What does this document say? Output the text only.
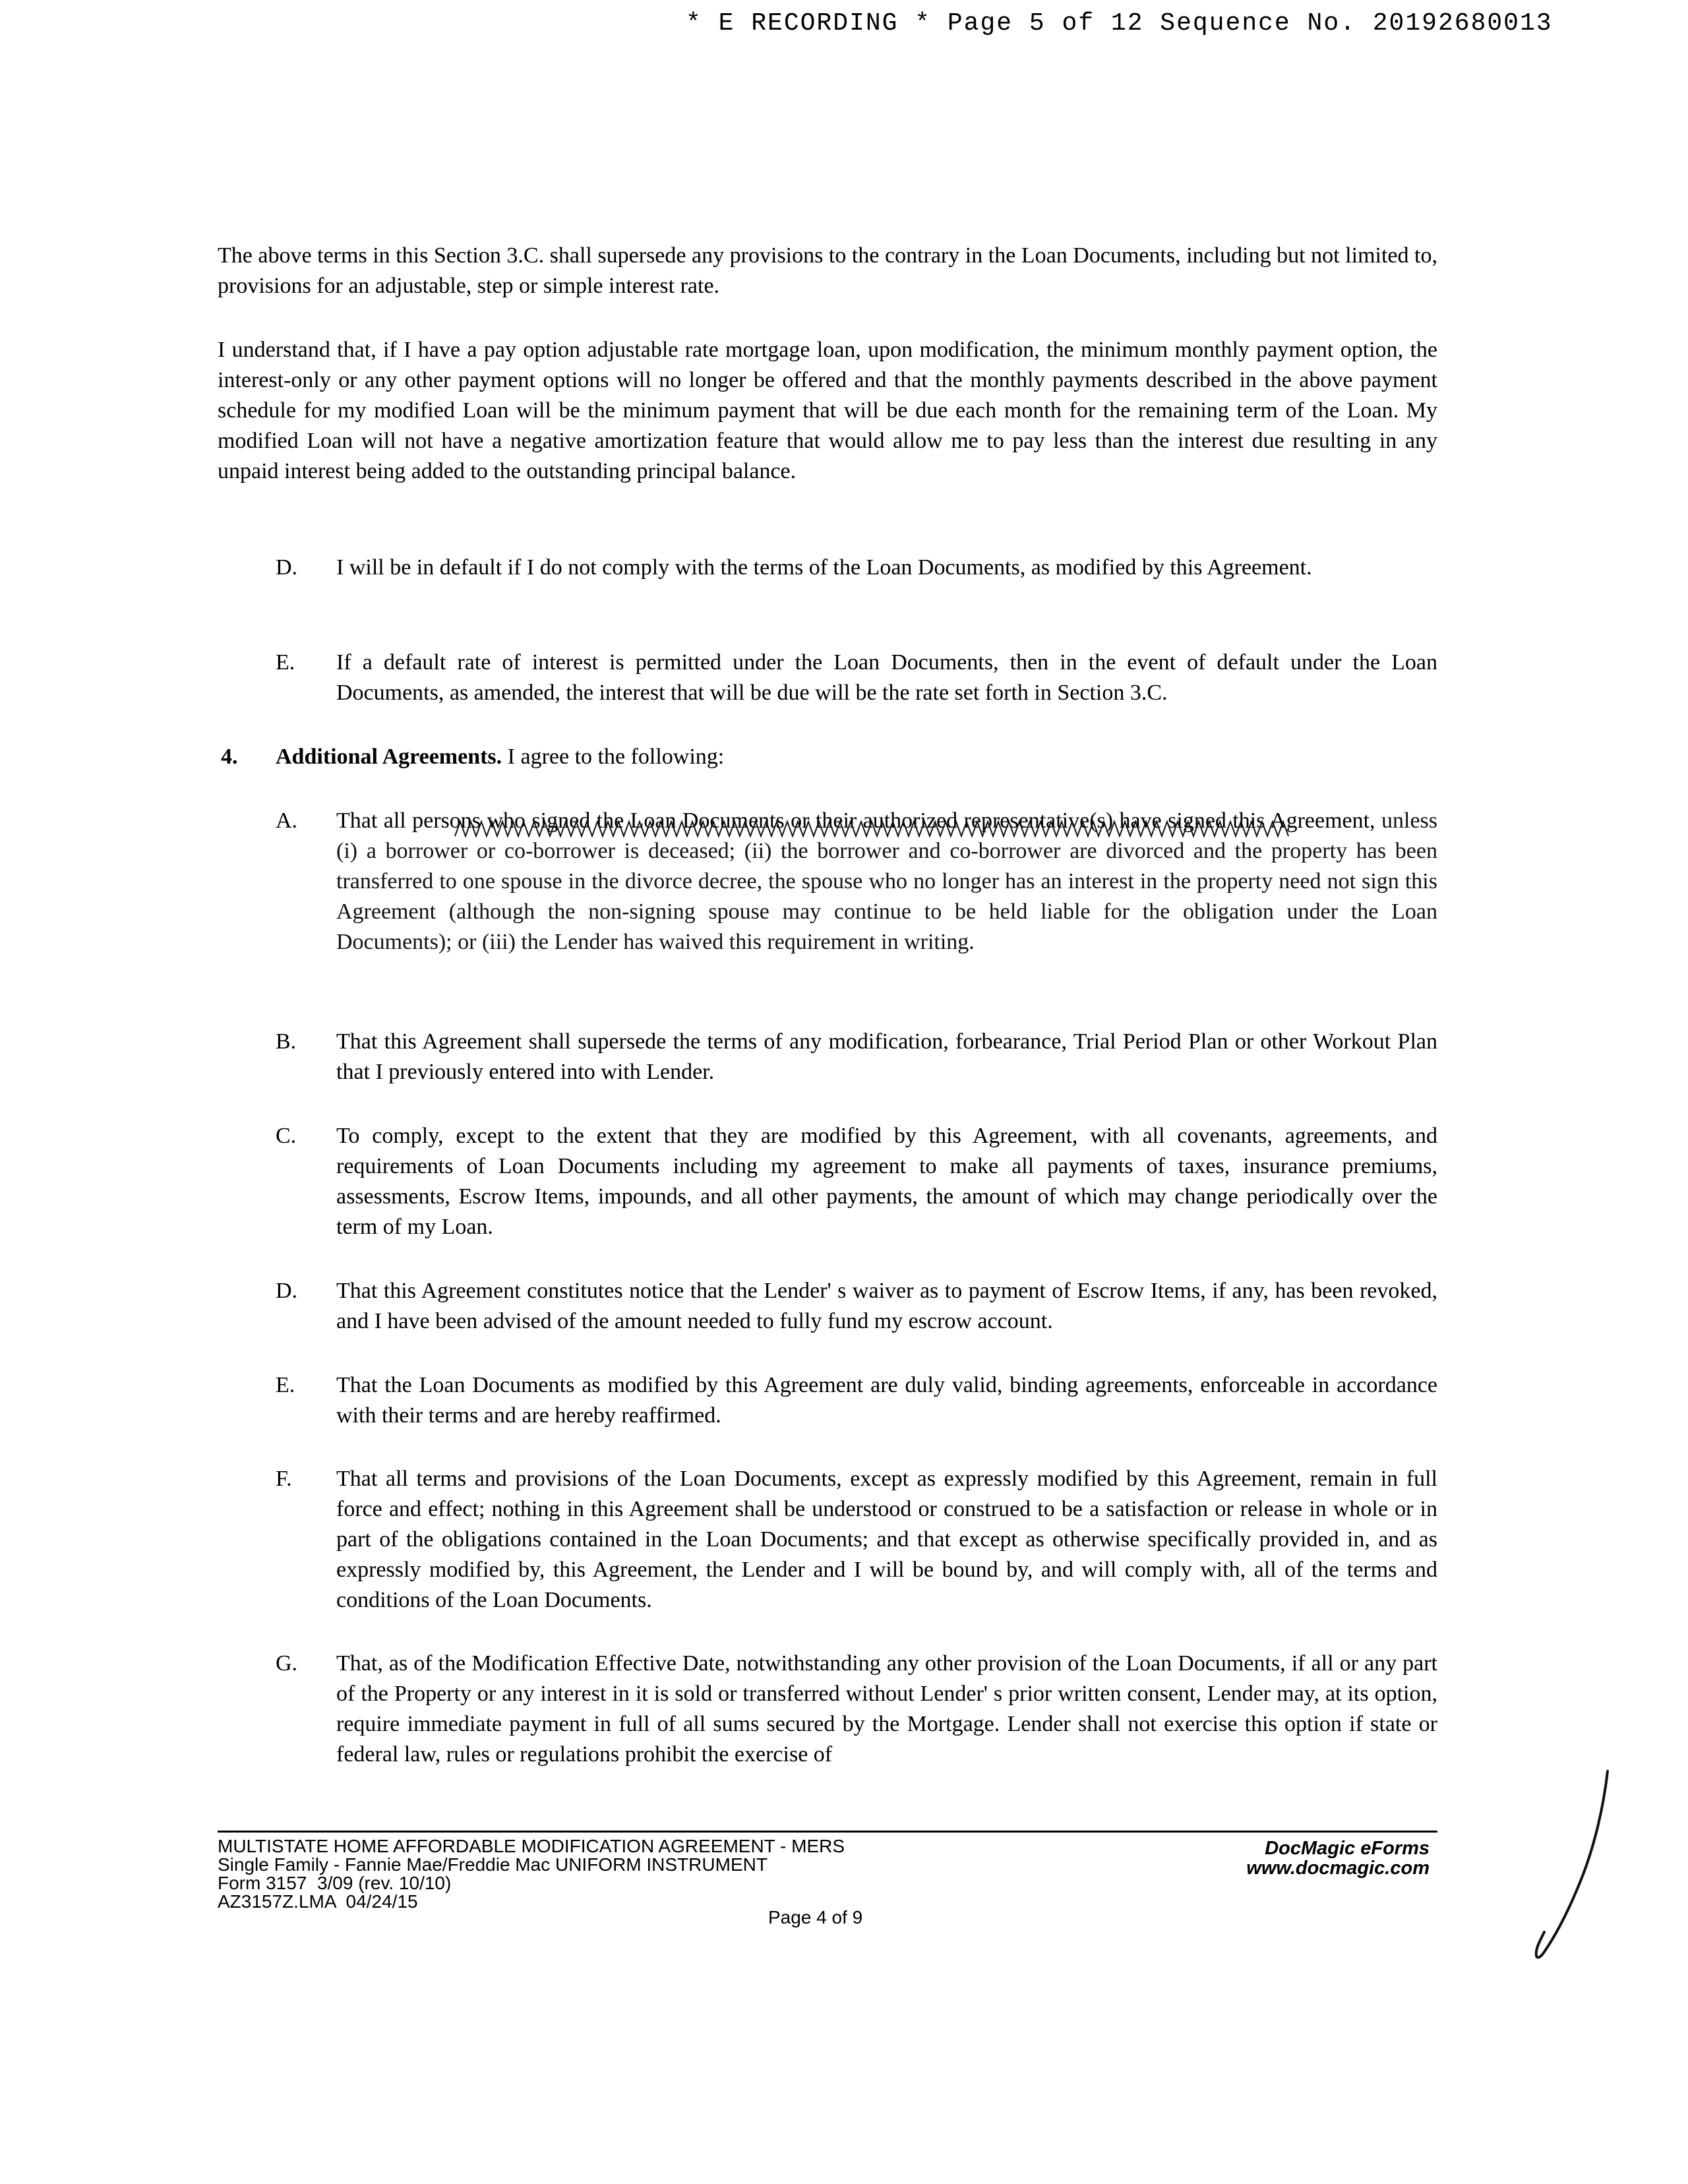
* E RECORDING * Page 5 of 12 Sequence No. 20192680013
The above terms in this Section 3.C. shall supersede any provisions to the contrary in the Loan Documents, including but not limited to, provisions for an adjustable, step or simple interest rate.
I understand that, if I have a pay option adjustable rate mortgage loan, upon modification, the minimum monthly payment option, the interest-only or any other payment options will no longer be offered and that the monthly payments described in the above payment schedule for my modified Loan will be the minimum payment that will be due each month for the remaining term of the Loan. My modified Loan will not have a negative amortization feature that would allow me to pay less than the interest due resulting in any unpaid interest being added to the outstanding principal balance.
D. I will be in default if I do not comply with the terms of the Loan Documents, as modified by this Agreement.
E. If a default rate of interest is permitted under the Loan Documents, then in the event of default under the Loan Documents, as amended, the interest that will be due will be the rate set forth in Section 3.C.
4. Additional Agreements. I agree to the following:
A. That all persons who signed the Loan Documents or their authorized representative(s) have signed this Agreement, unless (i) a borrower or co-borrower is deceased; (ii) the borrower and co-borrower are divorced and the property has been transferred to one spouse in the divorce decree, the spouse who no longer has an interest in the property need not sign this Agreement (although the non-signing spouse may continue to be held liable for the obligation under the Loan Documents); or (iii) the Lender has waived this requirement in writing.
B. That this Agreement shall supersede the terms of any modification, forbearance, Trial Period Plan or other Workout Plan that I previously entered into with Lender.
C. To comply, except to the extent that they are modified by this Agreement, with all covenants, agreements, and requirements of Loan Documents including my agreement to make all payments of taxes, insurance premiums, assessments, Escrow Items, impounds, and all other payments, the amount of which may change periodically over the term of my Loan.
D. That this Agreement constitutes notice that the Lender' s waiver as to payment of Escrow Items, if any, has been revoked, and I have been advised of the amount needed to fully fund my escrow account.
E. That the Loan Documents as modified by this Agreement are duly valid, binding agreements, enforceable in accordance with their terms and are hereby reaffirmed.
F. That all terms and provisions of the Loan Documents, except as expressly modified by this Agreement, remain in full force and effect; nothing in this Agreement shall be understood or construed to be a satisfaction or release in whole or in part of the obligations contained in the Loan Documents; and that except as otherwise specifically provided in, and as expressly modified by, this Agreement, the Lender and I will be bound by, and will comply with, all of the terms and conditions of the Loan Documents.
G. That, as of the Modification Effective Date, notwithstanding any other provision of the Loan Documents, if all or any part of the Property or any interest in it is sold or transferred without Lender' s prior written consent, Lender may, at its option, require immediate payment in full of all sums secured by the Mortgage. Lender shall not exercise this option if state or federal law, rules or regulations prohibit the exercise of
MULTISTATE HOME AFFORDABLE MODIFICATION AGREEMENT - MERS
Single Family - Fannie Mae/Freddie Mac UNIFORM INSTRUMENT
Form 3157  3/09 (rev. 10/10)
AZ3157Z.LMA  04/24/15
Page 4 of 9
DocMagic eForms
www.docmagic.com
